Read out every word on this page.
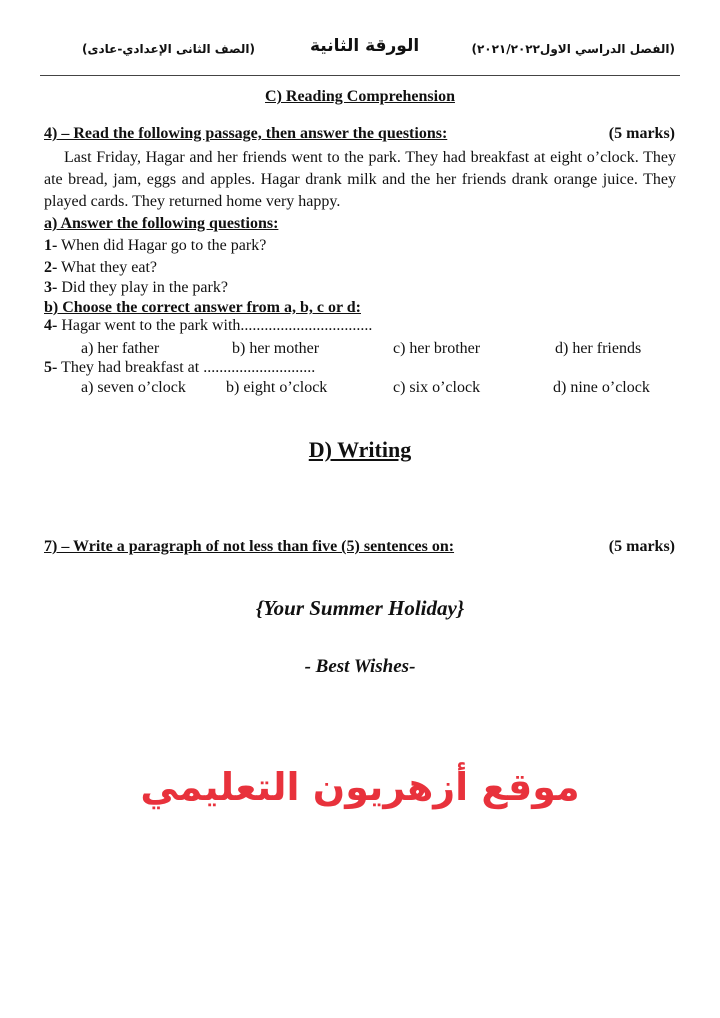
(الصف الثانى الإعدادي-عادى)	الورقة الثانية	(الفصل الدراسي الاول٢٠٢١/٢٠٢٢)
C) Reading Comprehension
4) – Read the following passage, then answer the questions:	(5 marks)
Last Friday, Hagar and her friends went to the park. They had breakfast at eight o’clock. They ate bread, jam, eggs and apples. Hagar drank milk and the her friends drank orange juice. They played cards. They returned home very happy.
a) Answer the following questions:
1- When did Hagar go to the park?
2- What they eat?
3- Did they play in the park?
b) Choose the correct answer from a, b, c or d:
4- Hagar went to the park with.................................
a) her father	b) her mother	c) her brother	d) her friends
5- They had breakfast at ............................
a) seven o’clock	b) eight o’clock	c) six o’clock	d) nine o’clock
D) Writing
7) – Write a paragraph of not less than five (5) sentences on:	(5 marks)
{Your Summer Holiday}
- Best Wishes-
موقع أزهريون التعليمي
